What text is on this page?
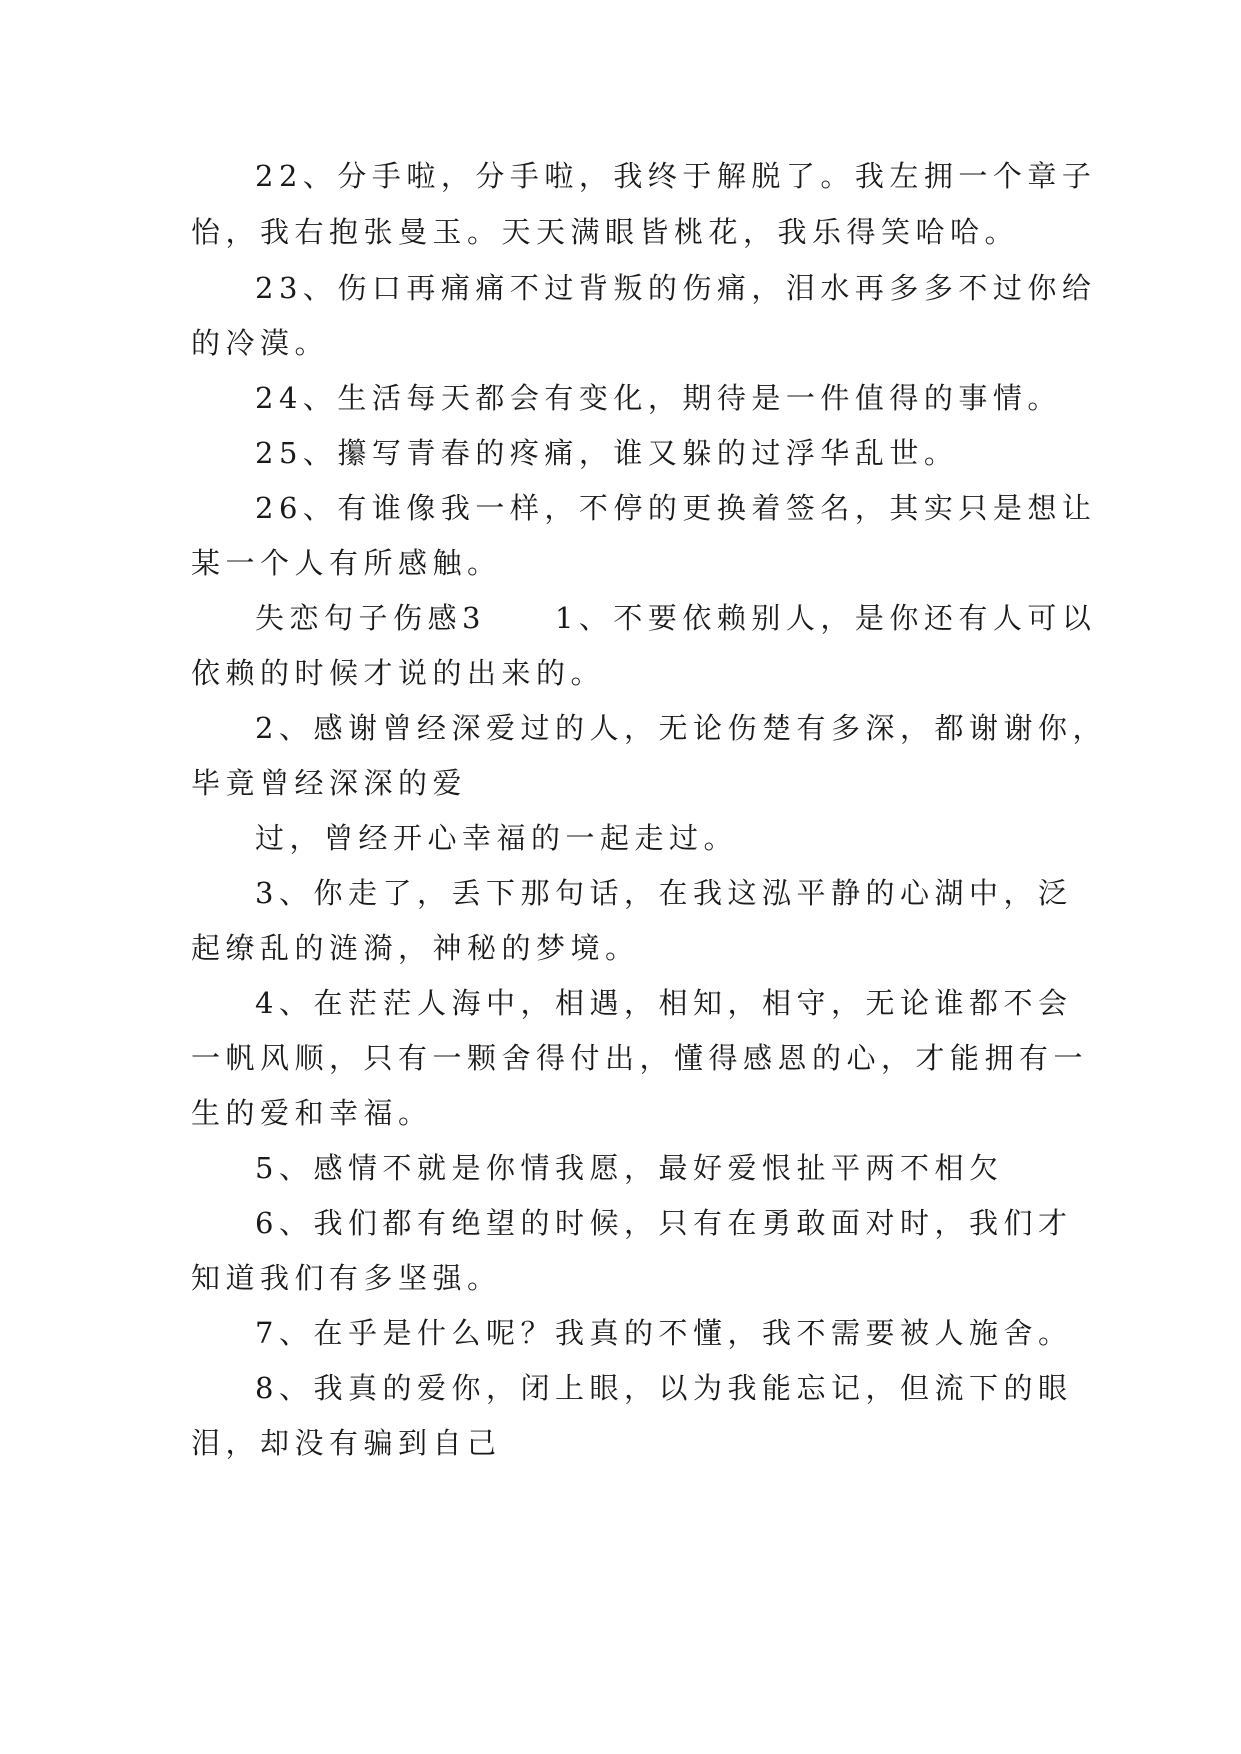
22、分手啦，分手啦，我终于解脱了。我左拥一个章子
怡，我右抱张曼玉。天天满眼皆桃花，我乐得笑哈哈。
23、伤口再痛痛不过背叛的伤痛，泪水再多多不过你给
的冷漠。
24、生活每天都会有变化，期待是一件值得的事情。
25、攥写青春的疼痛，谁又躲的过浮华乱世。
26、有谁像我一样，不停的更换着签名，其实只是想让
某一个人有所感触。
失恋句子伤感3　　1、不要依赖别人，是你还有人可以
依赖的时候才说的出来的。
2、感谢曾经深爱过的人，无论伤楚有多深，都谢谢你，
毕竟曾经深深的爱
过，曾经开心幸福的一起走过。
3、你走了，丢下那句话，在我这泓平静的心湖中，泛
起缭乱的涟漪，神秘的梦境。
4、在茫茫人海中，相遇，相知，相守，无论谁都不会
一帆风顺，只有一颗舍得付出，懂得感恩的心，才能拥有一
生的爱和幸福。
5、感情不就是你情我愿，最好爱恨扯平两不相欠
6、我们都有绝望的时候，只有在勇敢面对时，我们才
知道我们有多坚强。
7、在乎是什么呢？我真的不懂，我不需要被人施舍。
8、我真的爱你，闭上眼，以为我能忘记，但流下的眼
泪，却没有骗到自己
